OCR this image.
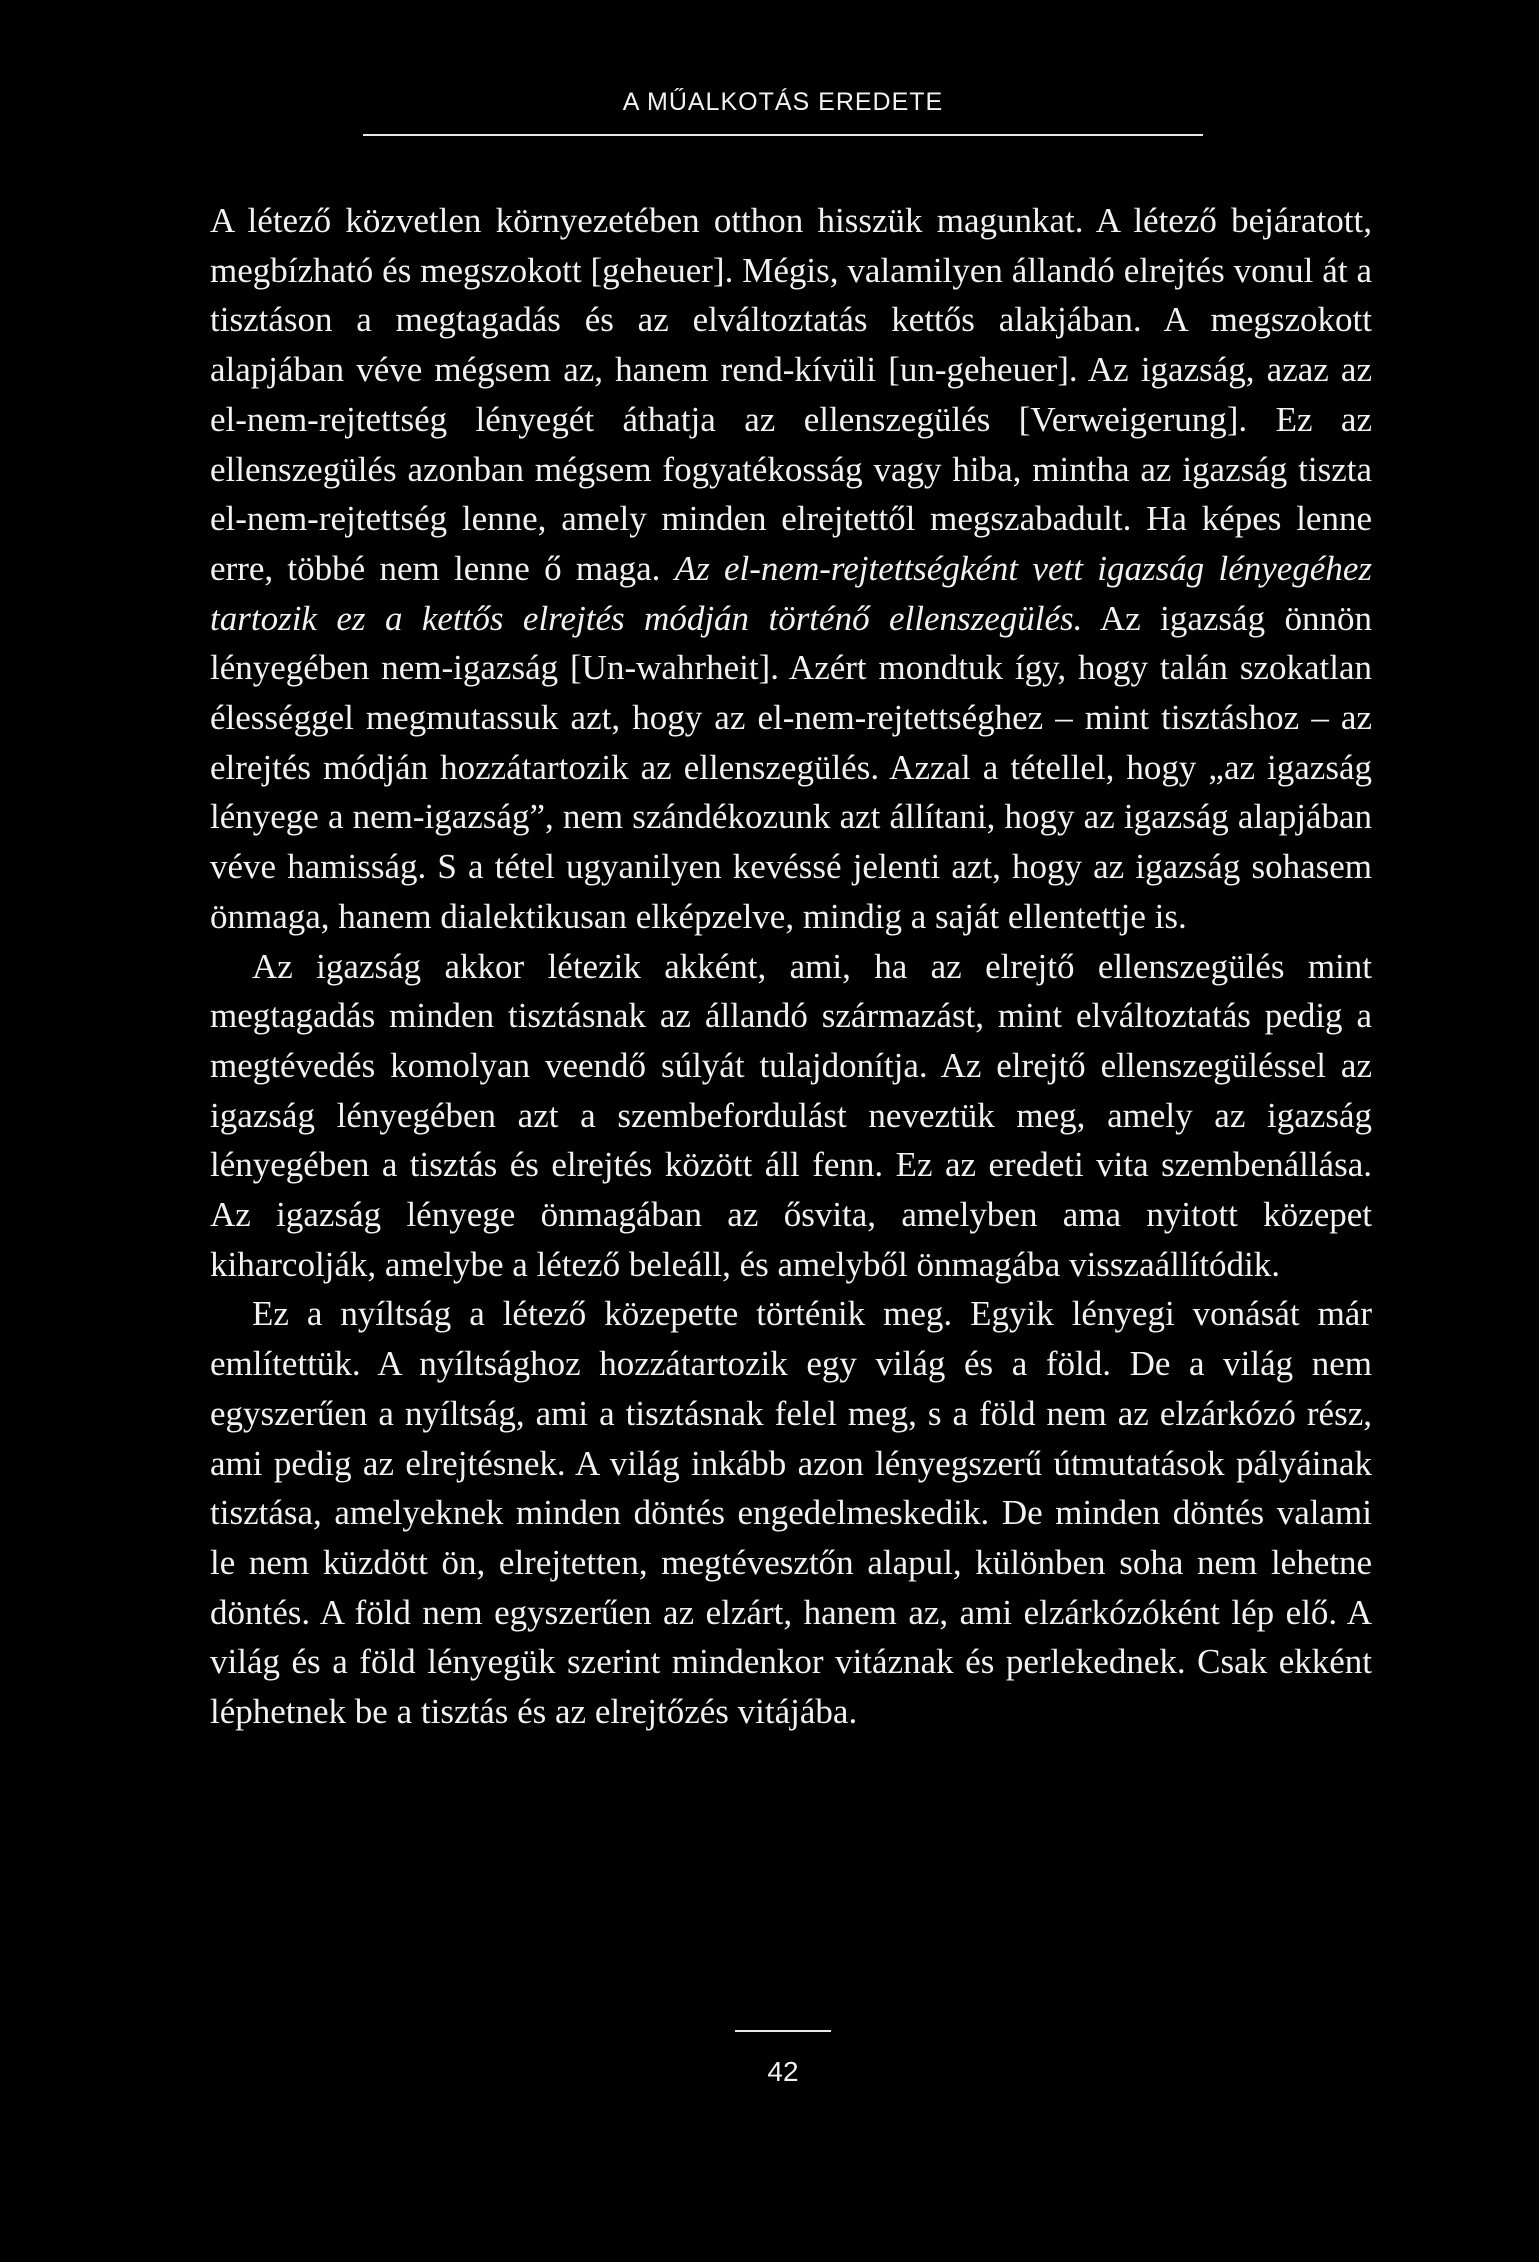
A MŰALKOTÁS EREDETE

A létező közvetlen környezetében otthon hisszük magunkat. A létező bejáratott, megbízható és megszokott [geheuer]. Mégis, valamilyen állandó elrejtés vonul át a tisztáson a megtagadás és az elváltoztatás kettős alakjában. A megszokott alapjában véve mégsem az, hanem rend-kívüli [un-geheuer]. Az igazság, azaz az el-nem-rejtettség lényegét áthatja az ellenszegülés [Verweigerung]. Ez az ellenszegülés azonban mégsem fogyatékosság vagy hiba, mintha az igazság tiszta el-nem-rejtettség lenne, amely minden elrejtettől megszabadult. Ha képes lenne erre, többé nem lenne ő maga. Az el-nem-rejtettségként vett igazság lényegéhez tartozik ez a kettős elrejtés módján történő ellenszegülés. Az igazság önnön lényegében nem-igazság [Un-wahrheit]. Azért mondtuk így, hogy talán szokatlan élességgel megmutassuk azt, hogy az el-nem-rejtettséghez – mint tisztáshoz – az elrejtés módján hozzátartozik az ellenszegülés. Azzal a tétellel, hogy „az igazság lényege a nem-igazság”, nem szándékozunk azt állítani, hogy az igazság alapjában véve hamisság. S a tétel ugyanilyen kevéssé jelenti azt, hogy az igazság sohasem önmaga, hanem dialektikusan elképzelve, mindig a saját ellentettje is.

Az igazság akkor létezik akként, ami, ha az elrejtő ellenszegülés mint megtagadás minden tisztásnak az állandó származást, mint elváltoztatás pedig a megtévedés komolyan veendő súlyát tulajdonítja. Az elrejtő ellenszegüléssel az igazság lényegében azt a szembefordulást neveztük meg, amely az igazság lényegében a tisztás és elrejtés között áll fenn. Ez az eredeti vita szembenállása. Az igazság lényege önmagában az ősvita, amelyben ama nyitott közepet kiharcolják, amelybe a létező beleáll, és amelyből önmagába visszaállítódik.

Ez a nyíltság a létező közepette történik meg. Egyik lényegi vonását már említettük. A nyíltsághoz hozzátartozik egy világ és a föld. De a világ nem egyszerűen a nyíltság, ami a tisztásnak felel meg, s a föld nem az elzárkózó rész, ami pedig az elrejtésnek. A világ inkább azon lényegszerű útmutatások pályáinak tisztása, amelyeknek minden döntés engedelmeskedik. De minden döntés valami le nem küzdött ön, elrejtetten, megtévesztőn alapul, különben soha nem lehetne döntés. A föld nem egyszerűen az elzárt, hanem az, ami elzárkózóként lép elő. A világ és a föld lényegük szerint mindenkor vitáznak és perlekednek. Csak ekként léphetnek be a tisztás és az elrejtőzés vitájába.

42
